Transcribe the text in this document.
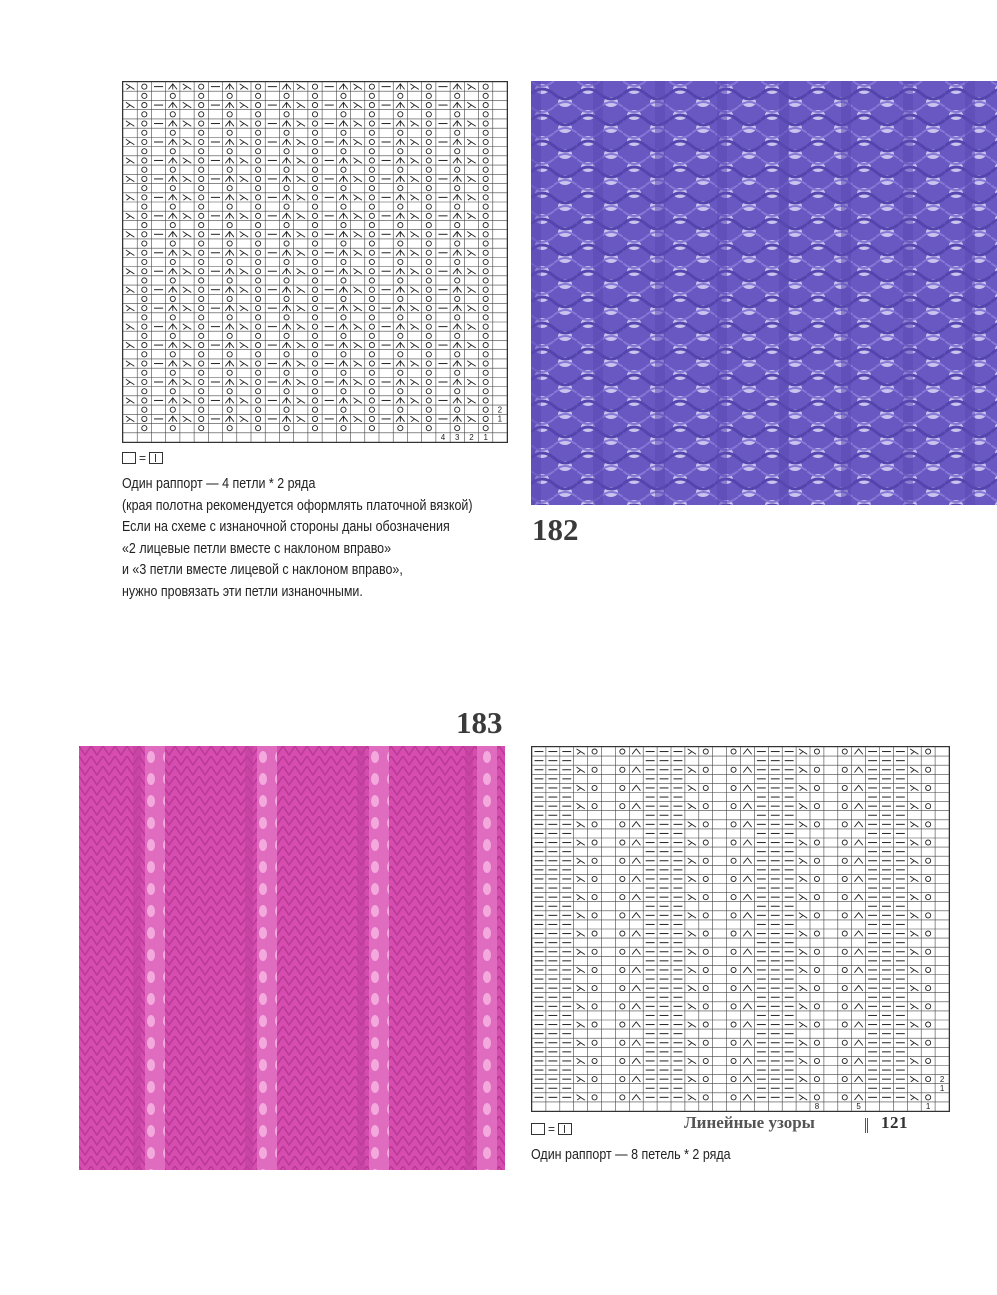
2
1
4 3 2 1
=
Один раппорт — 4 петли * 2 ряда
(края полотна рекомендуется оформлять платочной вязкой)
Если на схеме с изнаночной стороны даны обозначения
«2 лицевые петли вместе с наклоном вправо»
и «3 петли вместе лицевой с наклоном вправо»,
нужно провязать эти петли изнаночными.
182
183
2
1
8	5	1
=
Один раппорт — 8 петель * 2 ряда
Линейные узоры	121
